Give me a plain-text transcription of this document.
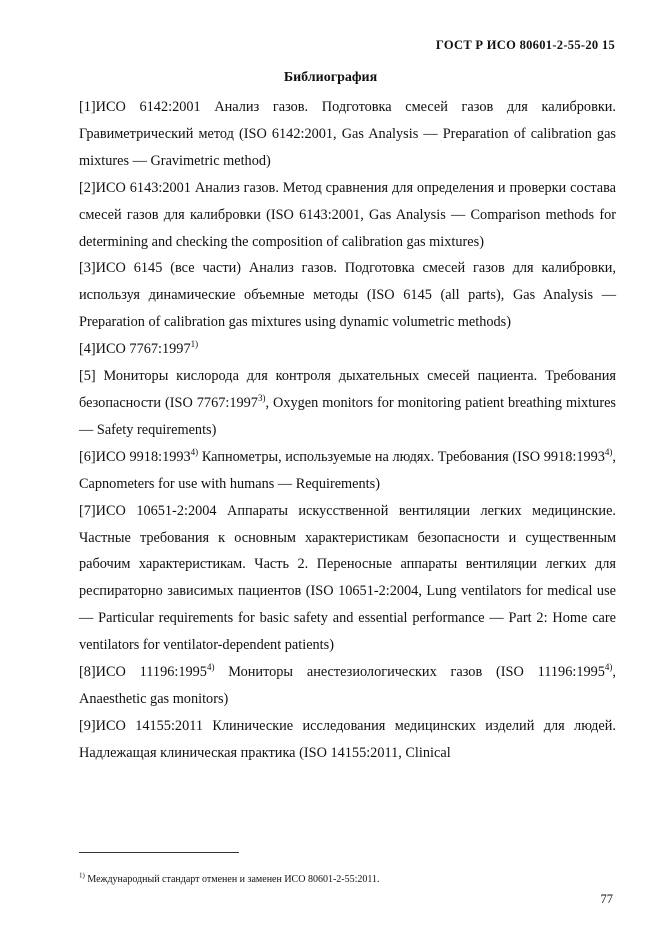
ГОСТ Р ИСО 80601-2-55-20 15
Библиография

[1]ИСО 6142:2001 Анализ газов. Подготовка смесей газов для калибровки. Гравиметрический метод (ISO 6142:2001, Gas Analysis — Preparation of calibration gas mixtures — Gravimetric method)

[2]ИСО 6143:2001 Анализ газов. Метод сравнения для определения и проверки состава смесей газов для калибровки (ISO 6143:2001, Gas Analysis — Comparison methods for determining and checking the composition of calibration gas mixtures)

[3]ИСО 6145 (все части) Анализ газов. Подготовка смесей газов для калибровки, используя динамические объемные методы (ISO 6145 (all parts), Gas Analysis — Preparation of calibration gas mixtures using dynamic volumetric methods)

[4]ИСО 7767:1997$^{1)}$

[5] Мониторы кислорода для контроля дыхательных смесей пациента. Требования безопасности (ISO 7767:1997$^{3)}$, Oxygen monitors for monitoring patient breathing mixtures — Safety requirements)

[6]ИСО 9918:1993$^{4)}$ Капнометры, используемые на людях. Требования (ISO 9918:1993$^{4)}$, Capnometers for use with humans — Requirements)

[7]ИСО 10651-2:2004 Аппараты искусственной вентиляции легких медицинские. Частные требования к основным характеристикам безопасности и существенным рабочим характеристикам. Часть 2. Переносные аппараты вентиляции легких для респираторно зависимых пациентов (ISO 10651-2:2004, Lung ventilators for medical use — Particular requirements for basic safety and essential performance — Part 2: Home care ventilators for ventilator-dependent patients)

[8]ИСО 11196:1995$^{4)}$ Мониторы анестезиологических газов (ISO 11196:1995$^{4)}$, Anaesthetic gas monitors)

[9]ИСО 14155:2011 Клинические исследования медицинских изделий для людей. Надлежащая клиническая практика (ISO 14155:2011, Clinical

$^{1)}$ Международный стандарт отменен и заменен ИСО 80601-2-55:2011.
77
